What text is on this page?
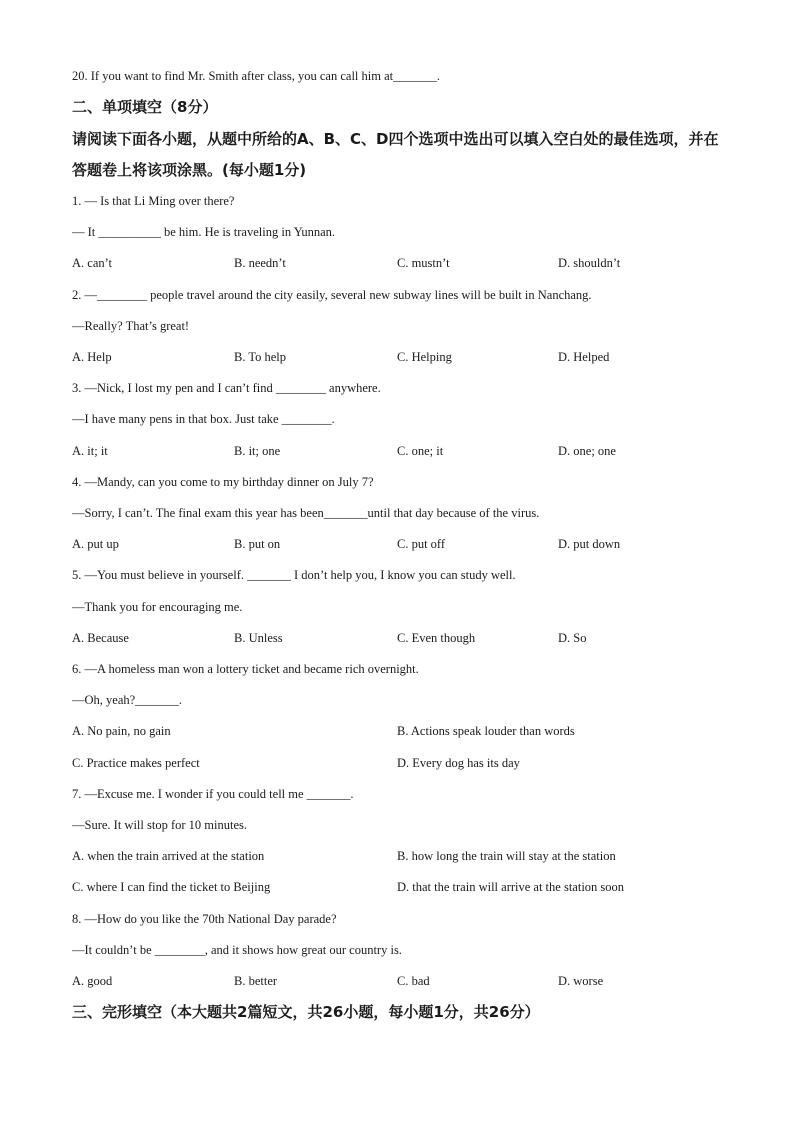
20. If you want to find Mr. Smith after class, you can call him at_______.
二、单项填空（8分）
请阅读下面各小题，从题中所给的A、B、C、D四个选项中选出可以填入空白处的最佳选项，并在答题卷上将该项涂黑。(每小题1分)
1. — Is that Li Ming over there?
— It __________ be him. He is traveling in Yunnan.
A. can’t	B. needn’t	C. mustn’t	D. shouldn’t
2. —________ people travel around the city easily, several new subway lines will be built in Nanchang.
—Really? That’s great!
A. Help	B. To help	C. Helping	D. Helped
3. —Nick, I lost my pen and I can’t find ________ anywhere.
—I have many pens in that box. Just take ________.
A. it; it	B. it; one	C. one; it	D. one; one
4. —Mandy, can you come to my birthday dinner on July 7?
—Sorry, I can’t. The final exam this year has been_______until that day because of the virus.
A. put up	B. put on	C. put off	D. put down
5. —You must believe in yourself. _______ I don’t help you, I know you can study well.
—Thank you for encouraging me.
A. Because	B. Unless	C. Even though	D. So
6. —A homeless man won a lottery ticket and became rich overnight.
—Oh, yeah?_______.
A. No pain, no gain	B. Actions speak louder than words
C. Practice makes perfect	D. Every dog has its day
7. —Excuse me. I wonder if you could tell me _______.
—Sure. It will stop for 10 minutes.
A. when the train arrived at the station	B. how long the train will stay at the station
C. where I can find the ticket to Beijing	D. that the train will arrive at the station soon
8. —How do you like the 70th National Day parade?
—It couldn’t be ________, and it shows how great our country is.
A. good	B. better	C. bad	D. worse
三、完形填空（本大题共2篇短文，共26小题，每小题1分，共26分）
